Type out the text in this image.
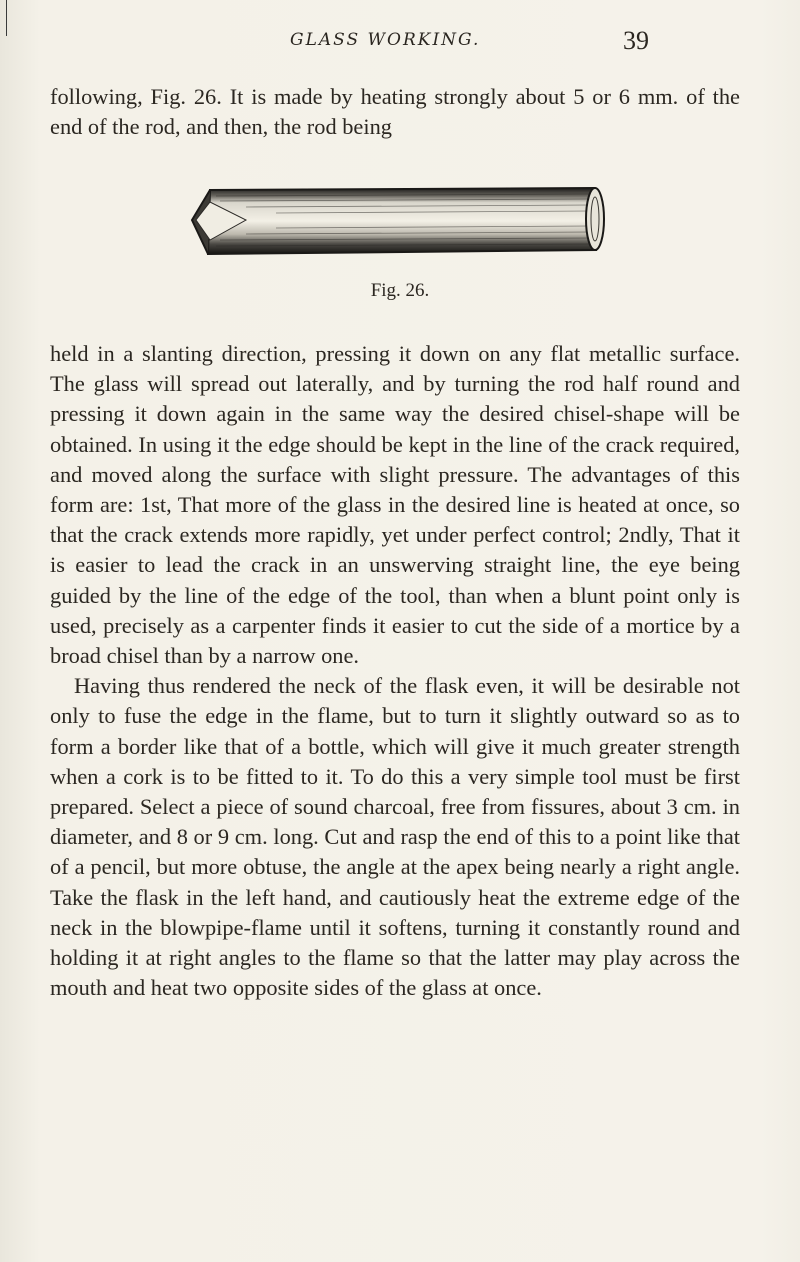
GLASS WORKING.	39

following, Fig. 26. It is made by heating strongly about 5 or 6 mm. of the end of the rod, and then, the rod being

Fig. 26.

held in a slanting direction, pressing it down on any flat metallic surface. The glass will spread out laterally, and by turning the rod half round and pressing it down again in the same way the desired chisel-shape will be obtained. In using it the edge should be kept in the line of the crack required, and moved along the surface with slight pressure. The advantages of this form are: 1st, That more of the glass in the desired line is heated at once, so that the crack extends more rapidly, yet under perfect control; 2ndly, That it is easier to lead the crack in an unswerving straight line, the eye being guided by the line of the edge of the tool, than when a blunt point only is used, precisely as a carpenter finds it easier to cut the side of a mortice by a broad chisel than by a narrow one.

Having thus rendered the neck of the flask even, it will be desirable not only to fuse the edge in the flame, but to turn it slightly outward so as to form a border like that of a bottle, which will give it much greater strength when a cork is to be fitted to it. To do this a very simple tool must be first prepared. Select a piece of sound charcoal, free from fissures, about 3 cm. in diameter, and 8 or 9 cm. long. Cut and rasp the end of this to a point like that of a pencil, but more obtuse, the angle at the apex being nearly a right angle. Take the flask in the left hand, and cautiously heat the extreme edge of the neck in the blowpipe-flame until it softens, turning it constantly round and holding it at right angles to the flame so that the latter may play across the mouth and heat two opposite sides of the glass at once.
